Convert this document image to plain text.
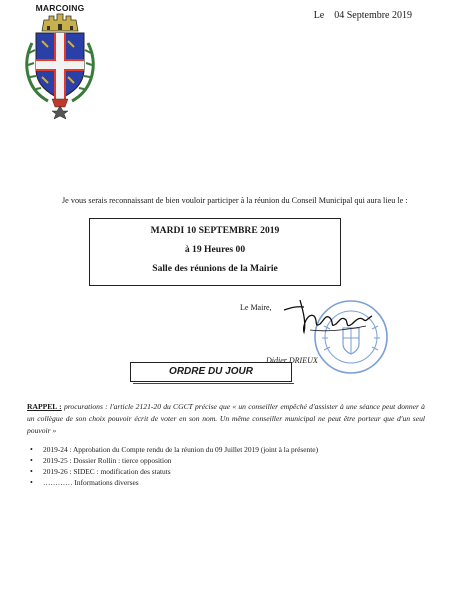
Le 04 Septembre 2019
MARCOING
Je vous serais reconnaissant de bien vouloir participer à la réunion du Conseil Municipal qui aura lieu le :
MARDI 10 SEPTEMBRE 2019
à 19 Heures 00
Salle des réunions de la Mairie
Le Maire,
Didier DRIEUX
ORDRE DU JOUR
RAPPEL : procurations : l'article 2121-20 du CGCT précise que « un conseiller empêché d'assister à une séance peut donner à un collègue de son choix pouvoir écrit de voter en son nom. Un même conseiller municipal ne peut être porteur que d'un seul pouvoir »
• 2019-24 : Approbation du Compte rendu de la réunion du 09 Juillet 2019 (joint à la présente)
• 2019-25 : Dossier Rollin : tierce opposition
• 2019-26 : SIDEC : modification des statuts
• ………… Informations diverses
